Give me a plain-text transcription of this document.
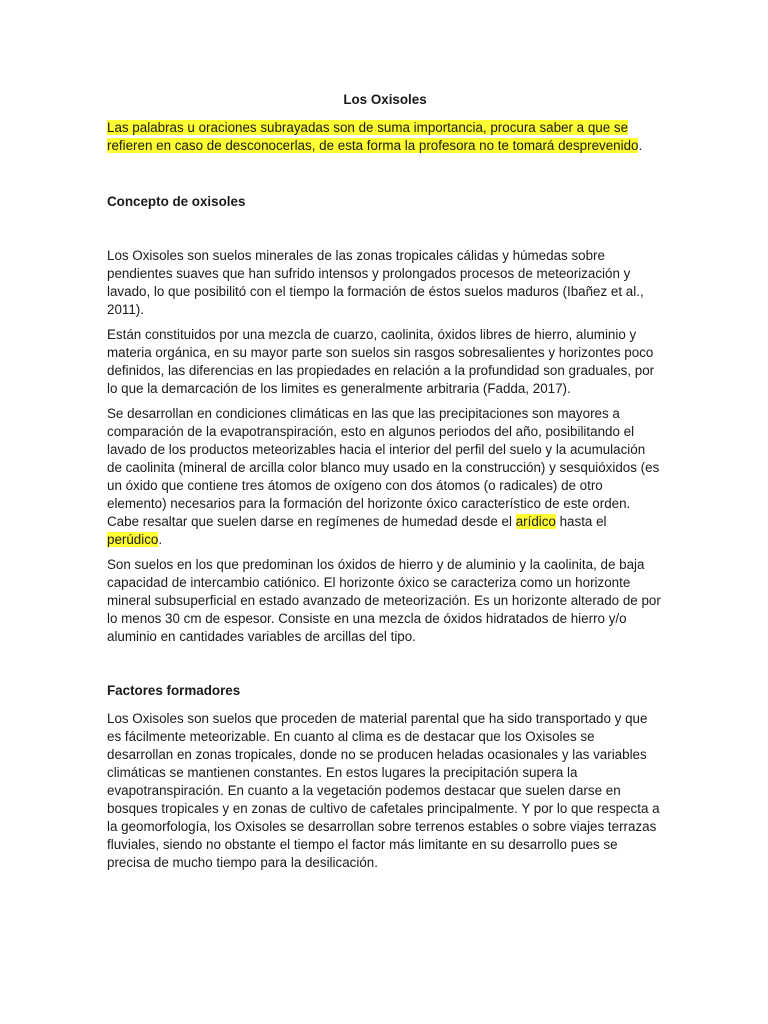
Los Oxisoles

Las palabras u oraciones subrayadas son de suma importancia, procura saber a que se refieren en caso de desconocerlas, de esta forma la profesora no te tomará desprevenido.

Concepto de oxisoles

Los Oxisoles son suelos minerales de las zonas tropicales cálidas y húmedas sobre pendientes suaves que han sufrido intensos y prolongados procesos de meteorización y lavado, lo que posibilitó con el tiempo la formación de éstos suelos maduros (Ibañez et al., 2011).

Están constituidos por una mezcla de cuarzo, caolinita, óxidos libres de hierro, aluminio y materia orgánica, en su mayor parte son suelos sin rasgos sobresalientes y horizontes poco definidos, las diferencias en las propiedades en relación a la profundidad son graduales, por lo que la demarcación de los limites es generalmente arbitraria (Fadda, 2017).

Se desarrollan en condiciones climáticas en las que las precipitaciones son mayores a comparación de la evapotranspiración, esto en algunos periodos del año, posibilitando el lavado de los productos meteorizables hacia el interior del perfil del suelo y la acumulación de caolinita (mineral de arcilla color blanco muy usado en la construcción) y sesquióxidos (es un óxido que contiene tres átomos de oxígeno con dos átomos (o radicales) de otro elemento) necesarios para la formación del horizonte óxico característico de este orden. Cabe resaltar que suelen darse en regímenes de humedad desde el arídico hasta el perúdico.

Son suelos en los que predominan los óxidos de hierro y de aluminio y la caolinita, de baja capacidad de intercambio catiónico. El horizonte óxico se caracteriza como un horizonte mineral subsuperficial en estado avanzado de meteorización. Es un horizonte alterado de por lo menos 30 cm de espesor. Consiste en una mezcla de óxidos hidratados de hierro y/o aluminio en cantidades variables de arcillas del tipo.

Factores formadores

Los Oxisoles son suelos que proceden de material parental que ha sido transportado y que es fácilmente meteorizable. En cuanto al clima es de destacar que los Oxisoles se desarrollan en zonas tropicales, donde no se producen heladas ocasionales y las variables climáticas se mantienen constantes. En estos lugares la precipitación supera la evapotranspiración. En cuanto a la vegetación podemos destacar que suelen darse en bosques tropicales y en zonas de cultivo de cafetales principalmente. Y por lo que respecta a la geomorfología, los Oxisoles se desarrollan sobre terrenos estables o sobre viajes terrazas fluviales, siendo no obstante el tiempo el factor más limitante en su desarrollo pues se precisa de mucho tiempo para la desilicación.
